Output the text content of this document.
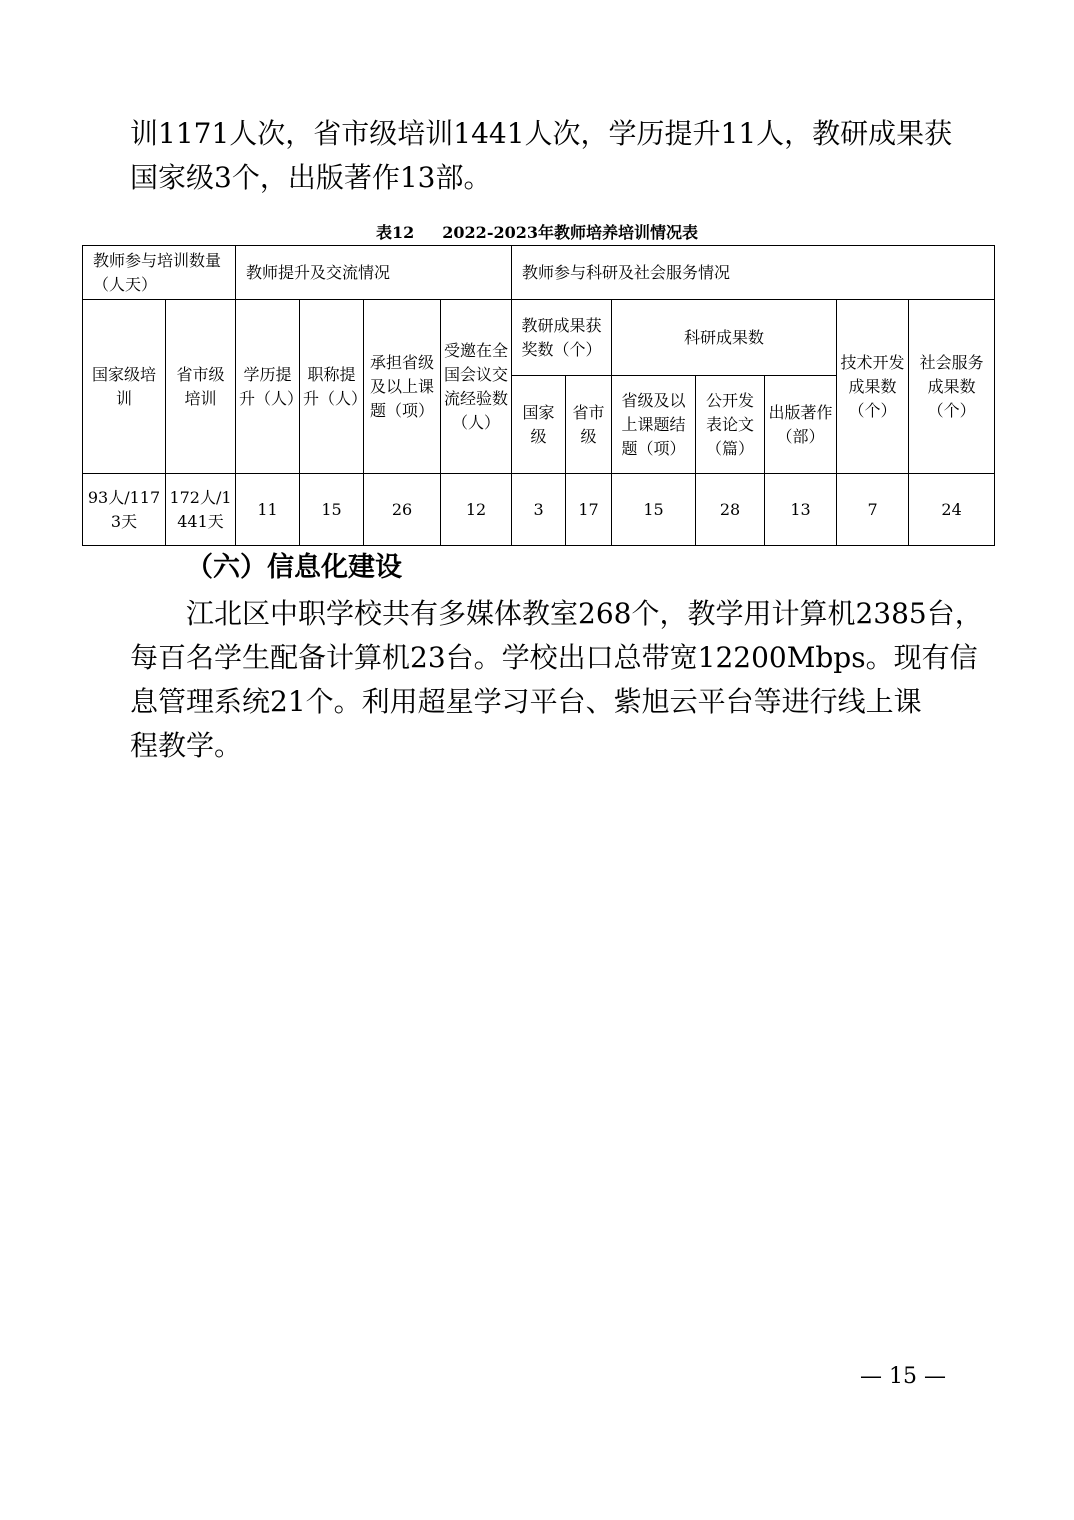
训1171人次，省市级培训1441人次，学历提升11人，教研成果获
国家级3个，出版著作13部。

表12 2022-2023年教师培养培训情况表
教师参与培训数量（人天）		教师提升及交流情况				教师参与科研及社会服务情况						
国家级培训	省市级培训	学历提升（人）	职称提升（人）	承担省级及以上课题（项）	受邀在全国会议交流经验数（人）	教研成果获奖数（个）		科研成果数			技术开发成果数（个）	社会服务成果数（个）
						国家级	省市级	省级及以上课题结题（项）	公开发表论文（篇）	出版著作（部）		
93人/1173天	172人/1441天	11	15	26	12	3	17	15	28	13	7	24
（六）信息化建设

江北区中职学校共有多媒体教室268个，教学用计算机2385台，
每百名学生配备计算机23台。学校出口总带宽12200Mbps。现有信
息管理系统21个。利用超星学习平台、紫旭云平台等进行线上课
程教学。

— 15 —
